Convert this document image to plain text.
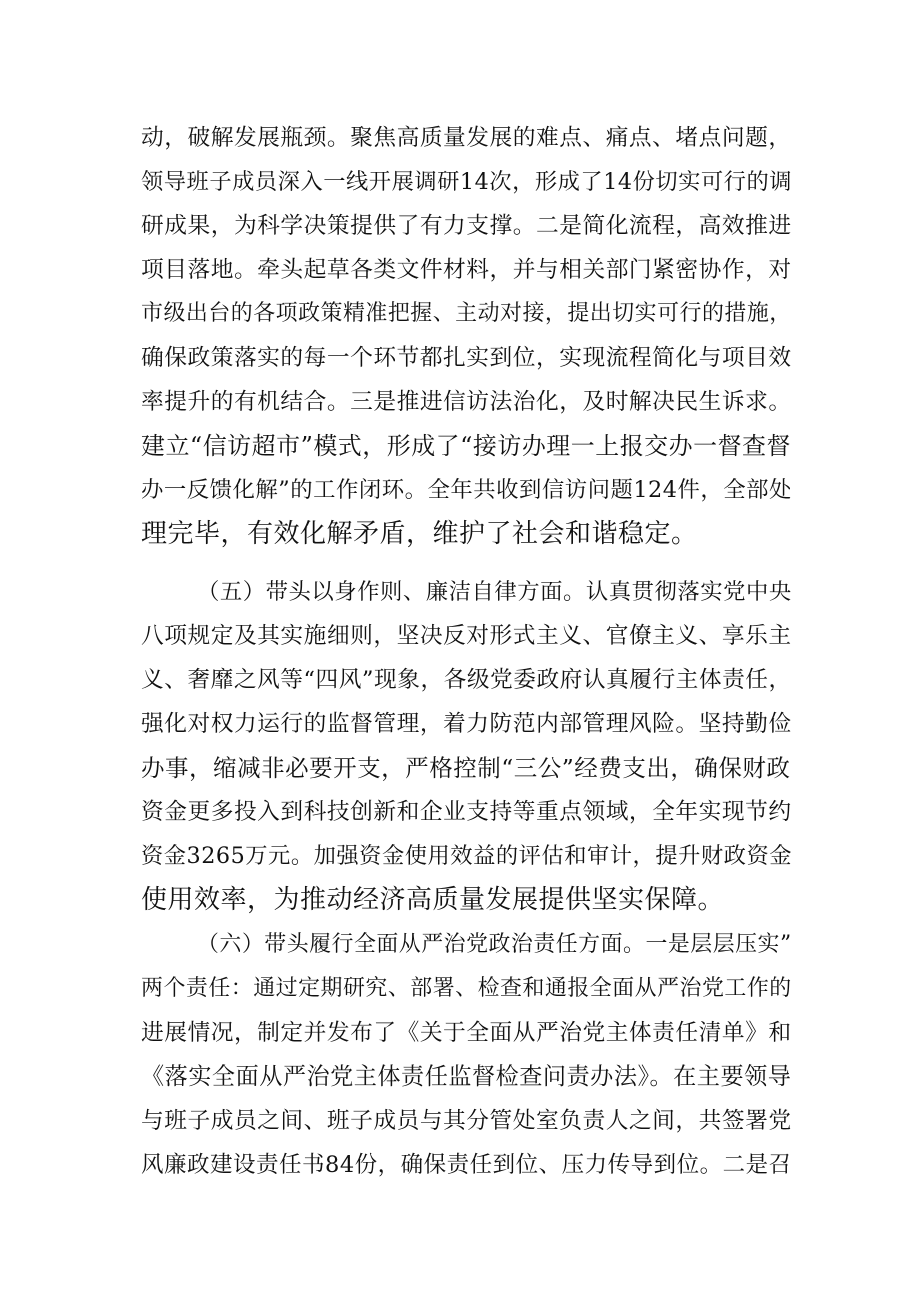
动，破解发展瓶颈。聚焦高质量发展的难点、痛点、堵点问题，
领导班子成员深入一线开展调研14次，形成了14份切实可行的调
研成果，为科学决策提供了有力支撑。二是简化流程，高效推进
项目落地。牵头起草各类文件材料，并与相关部门紧密协作，对
市级出台的各项政策精准把握、主动对接，提出切实可行的措施，
确保政策落实的每一个环节都扎实到位，实现流程简化与项目效
率提升的有机结合。三是推进信访法治化，及时解决民生诉求。
建立“信访超市”模式，形成了“接访办理一上报交办一督查督
办一反馈化解”的工作闭环。全年共收到信访问题124件，全部处
理完毕，有效化解矛盾，维护了社会和谐稳定。
（五）带头以身作则、廉洁自律方面。认真贯彻落实党中央
八项规定及其实施细则，坚决反对形式主义、官僚主义、享乐主
义、奢靡之风等“四风”现象，各级党委政府认真履行主体责任，
强化对权力运行的监督管理，着力防范内部管理风险。坚持勤俭
办事，缩减非必要开支，严格控制“三公”经费支出，确保财政
资金更多投入到科技创新和企业支持等重点领域，全年实现节约
资金3265万元。加强资金使用效益的评估和审计，提升财政资金
使用效率，为推动经济高质量发展提供坚实保障。
（六）带头履行全面从严治党政治责任方面。一是层层压实”
两个责任：通过定期研究、部署、检查和通报全面从严治党工作的
进展情况，制定并发布了《关于全面从严治党主体责任清单》和
《落实全面从严治党主体责任监督检查问责办法》。在主要领导
与班子成员之间、班子成员与其分管处室负责人之间，共签署党
风廉政建设责任书84份，确保责任到位、压力传导到位。二是召
